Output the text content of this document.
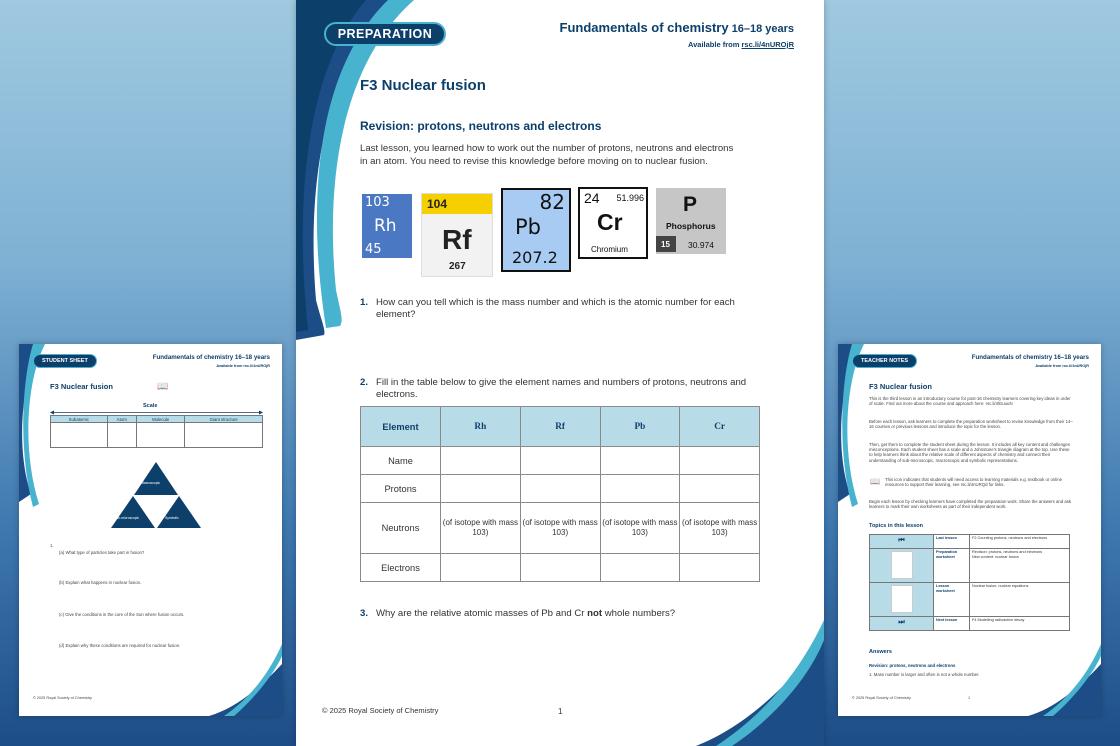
STUDENT SHEET	Fundamentals of chemistry 16–18 years
Available from rsc.li/4nUROjR
F3 Nuclear fusion	📖
Scale
Subatomic	Atom	Molecule	Giant structure

Macroscopic
Sub-microscopic	Symbolic
1.
(a) What type of particles take part in fusion?
(b) Explain what happens in nuclear fusion.
(c) Give the conditions in the core of the Sun where fusion occurs.
(d) Explain why these conditions are required for nuclear fusion.
© 2025 Royal Society of Chemistry
PREPARATION	Fundamentals of chemistry 16–18 years
Available from rsc.li/4nUROjR
F3 Nuclear fusion
Revision: protons, neutrons and electrons
Last lesson, you learned how to work out the number of protons, neutrons and electrons in an atom. You need to revise this knowledge before moving on to nuclear fusion.
103
Rh
45
104
Rf
267
82
Pb
207.2
24 51.996
Cr
Chromium
P
Phosphorus
15 30.974
1. How can you tell which is the mass number and which is the atomic number for each element?
2. Fill in the table below to give the element names and numbers of protons, neutrons and electrons.
Element	Rh	Rf	Pb	Cr
Name				
Protons				
Neutrons	(of isotope with mass 103)	(of isotope with mass 103)	(of isotope with mass 103)	(of isotope with mass 103)
Electrons				
3. Why are the relative atomic masses of Pb and Cr not whole numbers?
© 2025 Royal Society of Chemistry	1
TEACHER NOTES	Fundamentals of chemistry 16–18 years
Available from rsc.li/4nUROjR
F3 Nuclear fusion
This is the third lesson in an introductory course for post-16 chemistry learners covering key ideas in order of scale. Find out more about the course and approach here: rsc.li/4lGuuuN
Before each lesson, ask learners to complete the preparation worksheet to revise knowledge from their 14–16 courses or previous lessons and introduce the topic for the lesson.
Then, get them to complete the student sheet during the lesson. It includes all key content and challenges misconceptions. Each student sheet has a scale and a Johnstone's triangle diagram at the top. Use these to help learners think about the relative scale of different aspects of chemistry and connect their understanding of sub-microscopic, macroscopic and symbolic representations.
📖 This icon indicates that students will need access to learning materials e.g. textbook or online resources to support their learning, see rsc.li/4nURQd for links.
Begin each lesson by checking learners have completed the preparation work. Share the answers and ask learners to mark their own worksheets as part of their independent work.
Topics in this lesson
⏮	Last lesson	F2 Counting protons, neutrons and electrons
	Preparation worksheet	Revision: protons, neutrons and electrons
New content: nuclear fusion
	Lesson worksheet	Nuclear fusion; nuclear equations
⏭	Next lesson	F4 Modelling radioactive decay
Answers
Revision: protons, neutrons and electrons
1. Mass number is larger and often is not a whole number.
© 2025 Royal Society of Chemistry	1
